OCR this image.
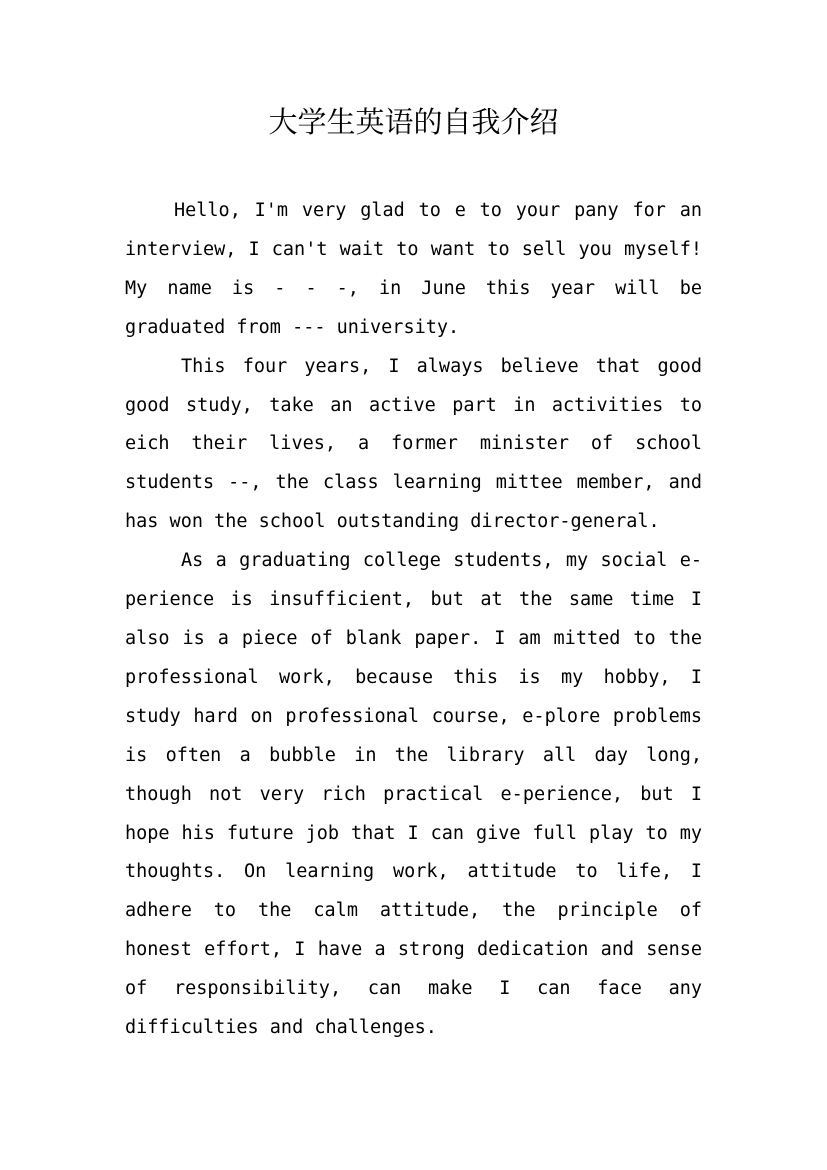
大学生英语的自我介绍

Hello, I'm very glad to e to your pany for an interview, I can't wait to want to sell you myself! My name is - - -, in June this year will be graduated from --- university.

This four years, I always believe that good good study, take an active part in activities to eich their lives, a former minister of school students --, the class learning mittee member, and has won the school outstanding director-general.

As a graduating college students, my social e-perience is insufficient, but at the same time I also is a piece of blank paper. I am mitted to the professional work, because this is my hobby, I study hard on professional course, e-plore problems is often a bubble in the library all day long, though not very rich practical e-perience, but I hope his future job that I can give full play to my thoughts. On learning work, attitude to life, I adhere to the calm attitude, the principle of honest effort, I have a strong dedication and sense of responsibility, can make I can face any difficulties and challenges.
